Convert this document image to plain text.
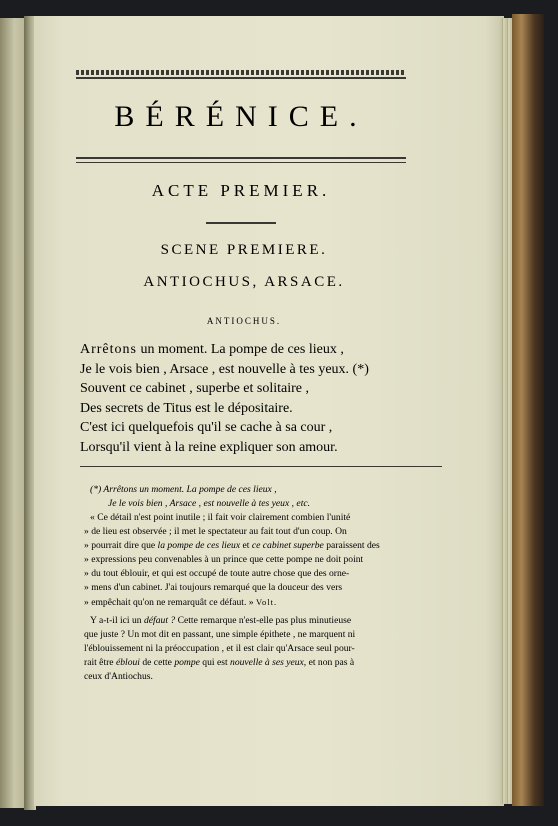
BÉRÉNICE.
ACTE PREMIER.
SCENE PREMIERE.
ANTIOCHUS, ARSACE.
ANTIOCHUS.
Arrêtons un moment. La pompe de ces lieux ,
Je le vois bien , Arsace , est nouvelle à tes yeux. (*)
Souvent ce cabinet , superbe et solitaire ,
Des secrets de Titus est le dépositaire.
C'est ici quelquefois qu'il se cache à sa cour ,
Lorsqu'il vient à la reine expliquer son amour.
(*) Arrêtons un moment. La pompe de ces lieux ,
Je le vois bien , Arsace , est nouvelle à tes yeux , etc.
« Ce détail n'est point inutile ; il fait voir clairement combien l'unité
» de lieu est observée ; il met le spectateur au fait tout d'un coup. On
» pourrait dire que la pompe de ces lieux et ce cabinet superbe paraissent des
» expressions peu convenables à un prince que cette pompe ne doit point
» du tout éblouir, et qui est occupé de toute autre chose que des orne-
» mens d'un cabinet. J'ai toujours remarqué que la douceur des vers
» empêchait qu'on ne remarquât ce défaut. » Volt.
Y a-t-il ici un défaut ? Cette remarque n'est-elle pas plus minutieuse
que juste ? Un mot dit en passant, une simple épithete , ne marquent ni
l'éblouissement ni la préoccupation , et il est clair qu'Arsace seul pour-
rait être ébloui de cette pompe qui est nouvelle à ses yeux, et non pas à
ceux d'Antiochus.
